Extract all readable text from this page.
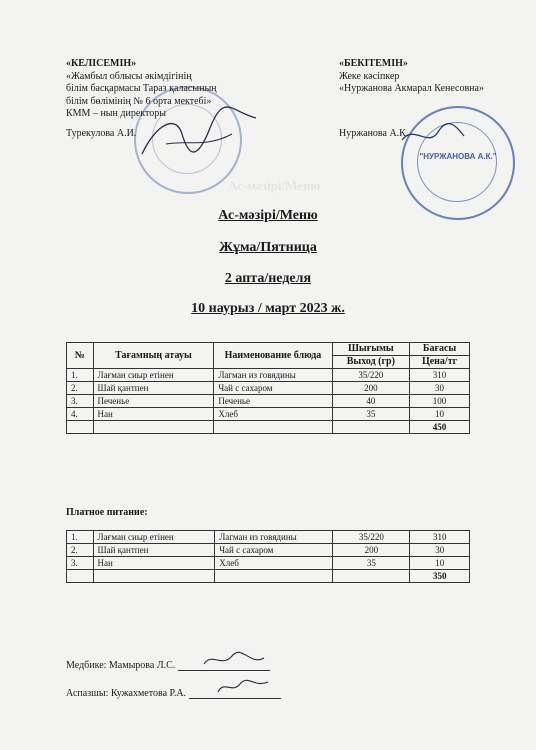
"НУРЖАНОВА А.К."
«КЕЛІСЕМІН»
«Жамбыл облысы әкімдігінің
білім басқармасы Тараз қаласының
білім бөлімінің № 6 орта мектебі»
КММ – нын директоры
Турекулова А.И.
«БЕКІТЕМІН»
Жеке кәсіпкер
«Нуржанова Акмарал Кенесовна»
Нуржанова А.К.
Ас-мәзірі/Меню
Ас-мәзірі/Меню
Жұма/Пятница
2 апта/неделя
10 наурыз / март 2023 ж.
№	Тағамның атауы	Наименование блюда	Шығымы	Бағасы
			Выход (гр)	Цена/тг
1.	Лағман сиыр етінен	Лагман из говядины	35/220	310
2.	Шай қантпен	Чай с сахаром	200	30
3.	Печенье	Печенье	40	100
4.	Нан	Хлеб	35	10
				450
Платное питание:
1.	Лағман сиыр етінен	Лагман из говядины	35/220	310
2.	Шай қантпен	Чай с сахаром	200	30
3.	Нан	Хлеб	35	10
				350
Медбике: Мамырова Л.С.
Аспазшы: Кужахметова Р.А.
